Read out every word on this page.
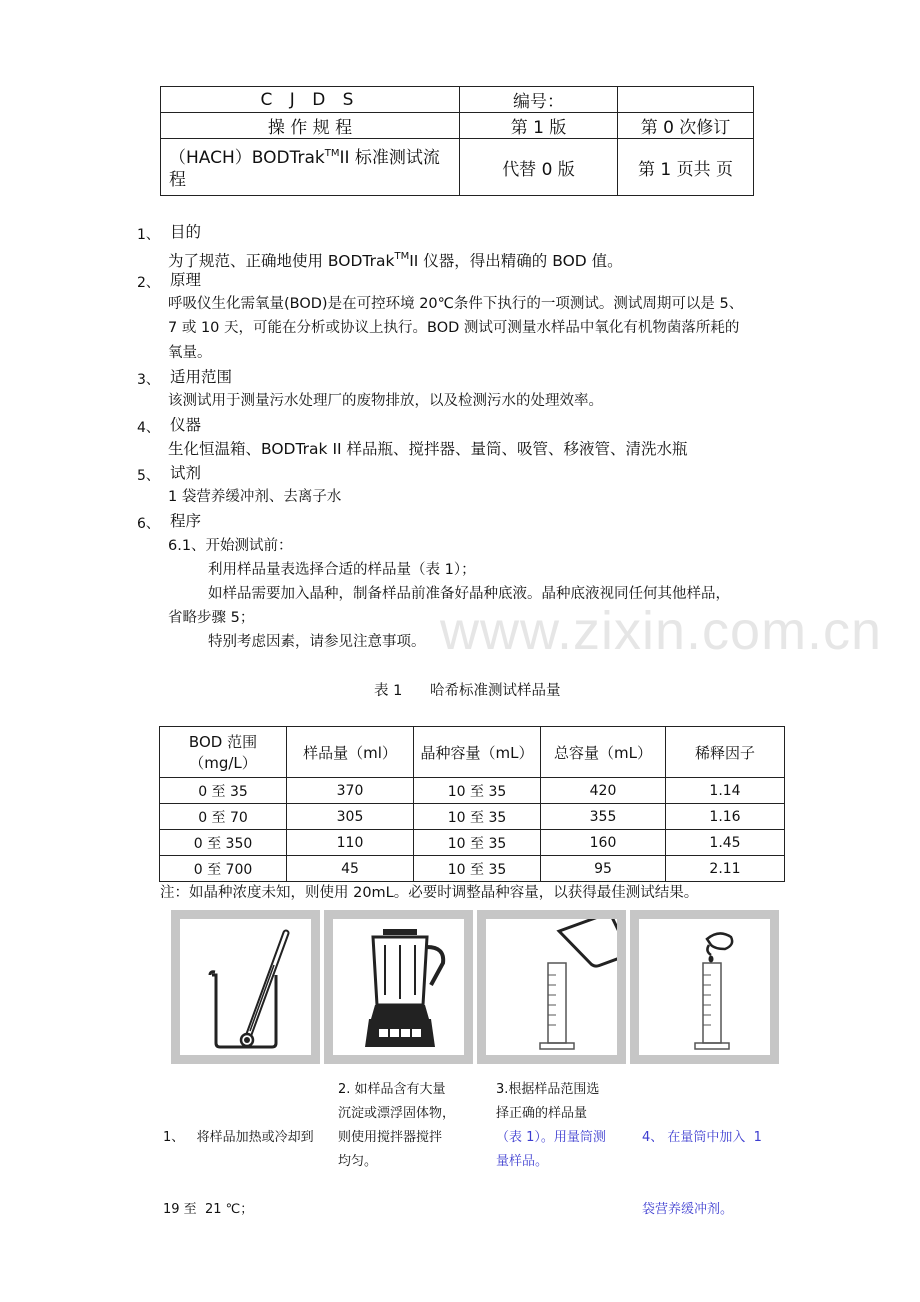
C J D S	编号：	
操 作 规 程	第 1 版	第 0 次修订
（HACH）BODTrak™II 标准测试流
程	代替 0 版	第 1 页共 页
www.zixin.com.cn
1、 目的
为了规范、正确地使用 BODTrak™II 仪器，得出精确的 BOD 值。
2、 原理
呼吸仪生化需氧量(BOD)是在可控环境 20℃条件下执行的一项测试。测试周期可以是 5、
7 或 10 天，可能在分析或协议上执行。BOD 测试可测量水样品中氧化有机物菌落所耗的
氧量。
3、 适用范围
该测试用于测量污水处理厂的废物排放，以及检测污水的处理效率。
4、 仪器
生化恒温箱、BODTrak II 样品瓶、搅拌器、量筒、吸管、移液管、清洗水瓶
5、 试剂
1 袋营养缓冲剂、去离子水
6、 程序
6.1、开始测试前：
利用样品量表选择合适的样品量（表 1）；
如样品需要加入晶种，制备样品前准备好晶种底液。晶种底液视同任何其他样品，
省略步骤 5；
特别考虑因素，请参见注意事项。
表 1      哈希标准测试样品量
BOD 范围（mg/L）	样品量（ml）	晶种容量（mL）	总容量（mL）	稀释因子
0 至 35	370	10 至 35	420	1.14
0 至 70	305	10 至 35	355	1.16
0 至 350	110	10 至 35	160	1.45
0 至 700	45	10 至 35	95	2.11
注：如晶种浓度未知，则使用 20mL。必要时调整晶种容量，以获得最佳测试结果。

1、   将样品加热或冷却到

19 至  21 ℃；

2. 如样品含有大量
沉淀或漂浮固体物，
则使用搅拌器搅拌
均匀。
3.根据样品范围选
择正确的样品量
（表 1）。用量筒测
量样品。

4、 在量筒中加入  1

袋营养缓冲剂。
